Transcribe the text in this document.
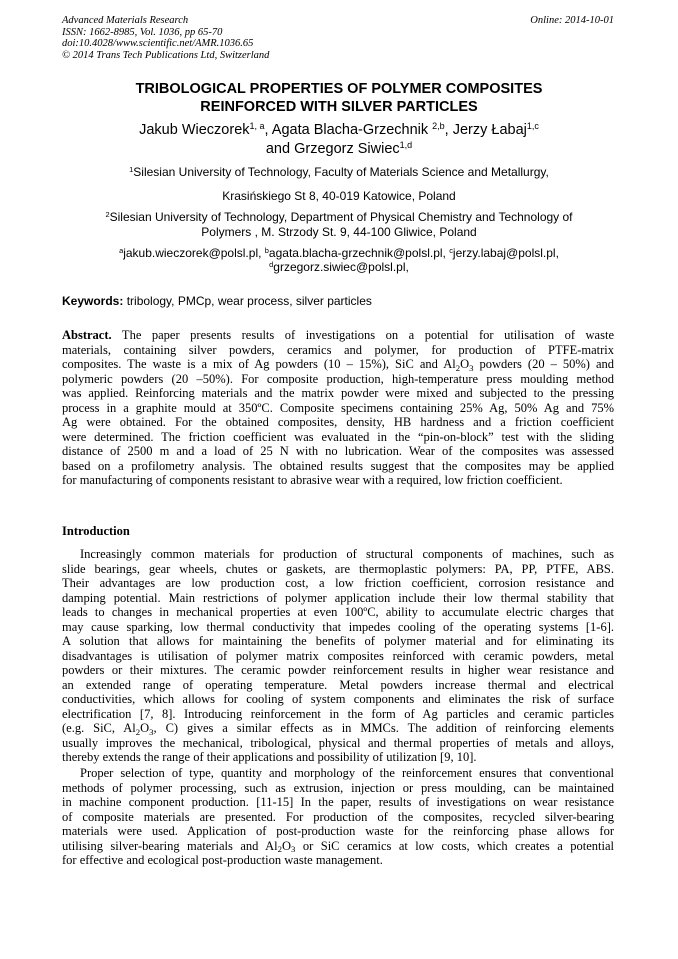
Advanced Materials Research
ISSN: 1662-8985, Vol. 1036, pp 65-70
doi:10.4028/www.scientific.net/AMR.1036.65
© 2014 Trans Tech Publications Ltd, Switzerland
Online: 2014-10-01
TRIBOLOGICAL PROPERTIES OF POLYMER COMPOSITES
REINFORCED WITH SILVER PARTICLES
Jakub Wieczorek$^{1, a}$, Agata Blacha-Grzechnik $^{2,b}$, Jerzy Łabaj$^{1,c}$
and Grzegorz Siwiec$^{1,d}$
$^1$Silesian University of Technology, Faculty of Materials Science and Metallurgy,
Krasińskiego St 8, 40-019 Katowice, Poland
$^2$Silesian University of Technology, Department of Physical Chemistry and Technology of
Polymers , M. Strzody St. 9, 44-100 Gliwice, Poland
$^a$jakub.wieczorek@polsl.pl, $^b$agata.blacha-grzechnik@polsl.pl, $^c$jerzy.labaj@polsl.pl,
$^d$grzegorz.siwiec@polsl.pl,
Keywords: tribology, PMCp, wear process, silver particles
Abstract. The paper presents results of investigations on a potential for utilisation of waste
materials, containing silver powders, ceramics and polymer, for production of PTFE-matrix
composites. The waste is a mix of Ag powders (10 – 15%), SiC and $Al_2O_3$ powders (20 – 50%) and
polymeric powders (20 –50%). For composite production, high-temperature press moulding method
was applied. Reinforcing materials and the matrix powder were mixed and subjected to the pressing
process in a graphite mould at 350ºC. Composite specimens containing 25% Ag, 50% Ag and 75%
Ag were obtained. For the obtained composites, density, HB hardness and a friction coefficient
were determined. The friction coefficient was evaluated in the “pin-on-block” test with the sliding
distance of 2500 m and a load of 25 N with no lubrication. Wear of the composites was assessed
based on a profilometry analysis. The obtained results suggest that the composites may be applied
for manufacturing of components resistant to abrasive wear with a required, low friction coefficient.
Introduction
Increasingly common materials for production of structural components of machines, such as
slide bearings, gear wheels, chutes or gaskets, are thermoplastic polymers: PA, PP, PTFE, ABS.
Their advantages are low production cost, a low friction coefficient, corrosion resistance and
damping potential. Main restrictions of polymer application include their low thermal stability that
leads to changes in mechanical properties at even 100ºC, ability to accumulate electric charges that
may cause sparking, low thermal conductivity that impedes cooling of the operating systems [1-6].
A solution that allows for maintaining the benefits of polymer material and for eliminating its
disadvantages is utilisation of polymer matrix composites reinforced with ceramic powders, metal
powders or their mixtures. The ceramic powder reinforcement results in higher wear resistance and
an extended range of operating temperature. Metal powders increase thermal and electrical
conductivities, which allows for cooling of system components and eliminates the risk of surface
electrification [7, 8]. Introducing reinforcement in the form of Ag particles and ceramic particles
(e.g. SiC, $Al_2O_3$, C) gives a similar effects as in MMCs. The addition of reinforcing elements
usually improves the mechanical, tribological, physical and thermal properties of metals and alloys,
thereby extends the range of their applications and possibility of utilization [9, 10].
Proper selection of type, quantity and morphology of the reinforcement ensures that conventional
methods of polymer processing, such as extrusion, injection or press moulding, can be maintained
in machine component production. [11-15] In the paper, results of investigations on wear resistance
of composite materials are presented. For production of the composites, recycled silver-bearing
materials were used. Application of post-production waste for the reinforcing phase allows for
utilising silver-bearing materials and $Al_2O_3$ or SiC ceramics at low costs, which creates a potential
for effective and ecological post-production waste management.
